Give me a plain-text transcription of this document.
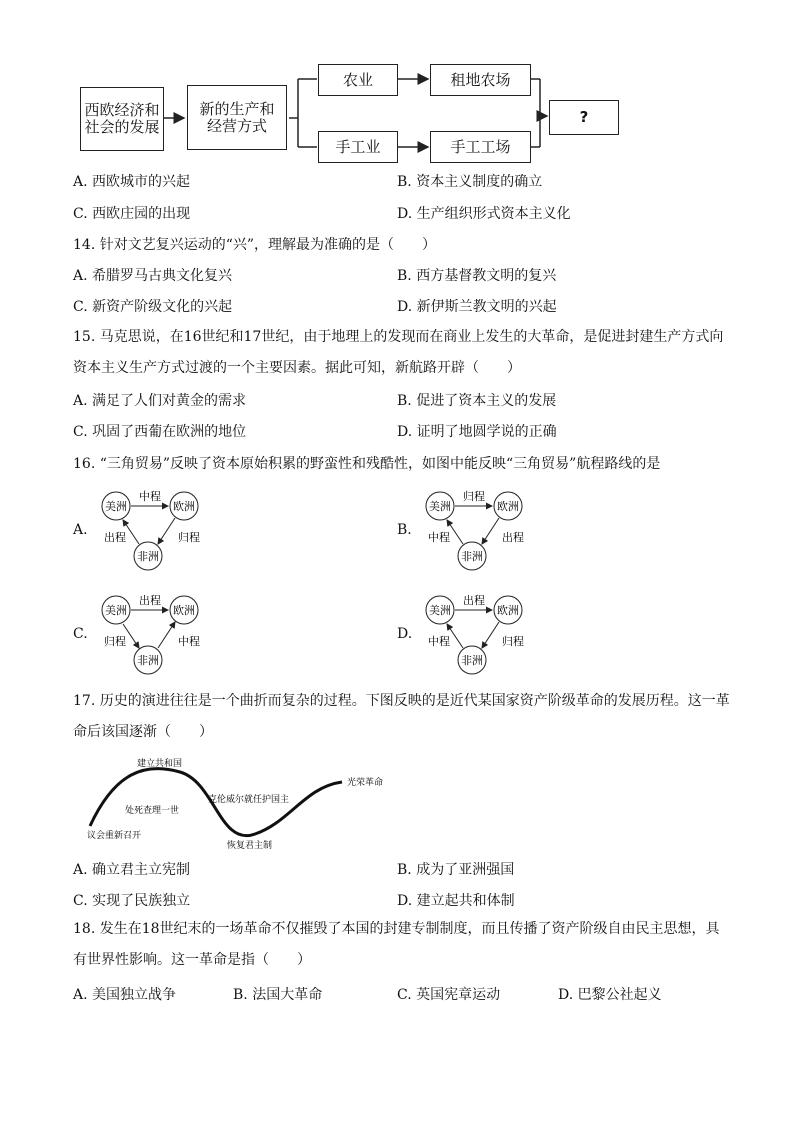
西欧经济和社会的发展
新的生产和经营方式
农业	租地农场
手工业	手工工场
?
A. 西欧城市的兴起	B. 资本主义制度的确立
C. 西欧庄园的出现	D. 生产组织形式资本主义化
14. 针对文艺复兴运动的“兴”，理解最为准确的是（　　）
A. 希腊罗马古典文化复兴	B. 西方基督教文明的复兴
C. 新资产阶级文化的兴起	D. 新伊斯兰教文明的兴起
15. 马克思说，在16世纪和17世纪，由于地理上的发现而在商业上发生的大革命，是促进封建生产方式向资本主义生产方式过渡的一个主要因素。据此可知，新航路开辟（　　）
A. 满足了人们对黄金的需求	B. 促进了资本主义的发展
C. 巩固了西葡在欧洲的地位	D. 证明了地圆学说的正确
16. “三角贸易”反映了资本原始积累的野蛮性和残酷性，如图中能反映“三角贸易”航程路线的是
A.	B.
C.	D.
美洲	欧洲
非洲
中程
归程
出程
美洲	欧洲
非洲
归程
出程
中程
美洲	欧洲
非洲
出程
中程
归程
美洲	欧洲
非洲
出程
归程
中程
17. 历史的演进往往是一个曲折而复杂的过程。下图反映的是近代某国家资产阶级革命的发展历程。这一革命后该国逐渐（　　）
议会重新召开
处死查理一世
建立共和国
克伦威尔就任护国主
恢复君主制
光荣革命
A. 确立君主立宪制	B. 成为了亚洲强国
C. 实现了民族独立	D. 建立起共和体制
18. 发生在18世纪末的一场革命不仅摧毁了本国的封建专制制度，而且传播了资产阶级自由民主思想，具有世界性影响。这一革命是指（　　）
A. 美国独立战争	B. 法国大革命	C. 英国宪章运动	D. 巴黎公社起义
